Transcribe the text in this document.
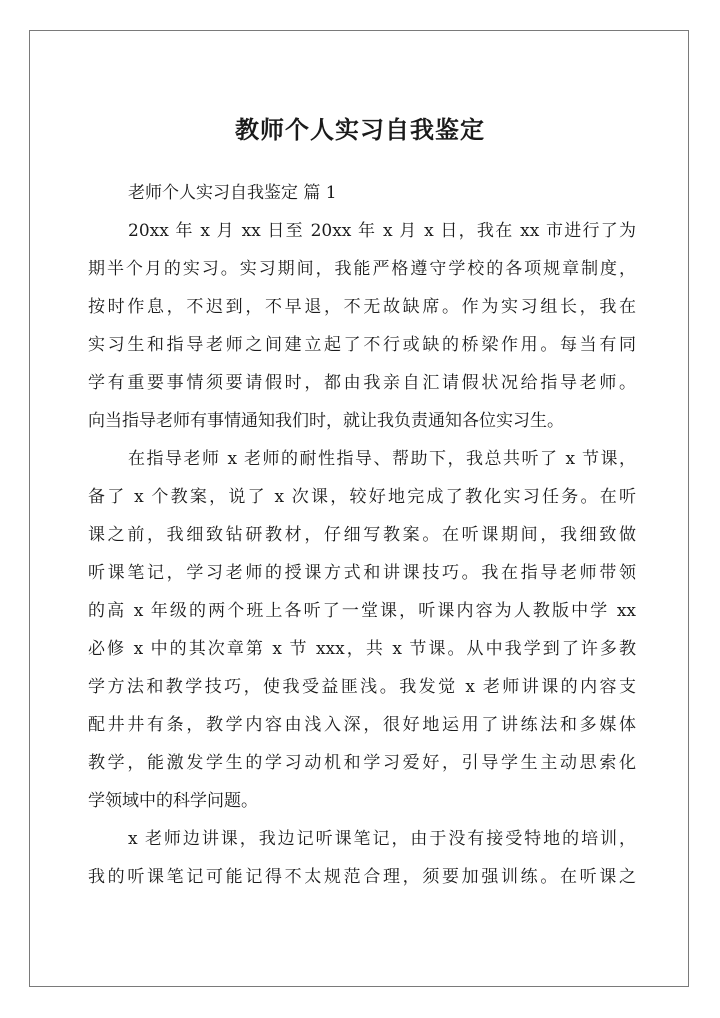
教师个人实习自我鉴定
老师个人实习自我鉴定 篇 1
20xx 年 x 月 xx 日至 20xx 年 x 月 x 日，我在 xx 市进行了为
期半个月的实习。实习期间，我能严格遵守学校的各项规章制度，
按时作息，不迟到，不早退，不无故缺席。作为实习组长，我在
实习生和指导老师之间建立起了不行或缺的桥梁作用。每当有同
学有重要事情须要请假时，都由我亲自汇请假状况给指导老师。
向当指导老师有事情通知我们时，就让我负责通知各位实习生。
在指导老师 x 老师的耐性指导、帮助下，我总共听了 x 节课，
备了 x 个教案，说了 x 次课，较好地完成了教化实习任务。在听
课之前，我细致钻研教材，仔细写教案。在听课期间，我细致做
听课笔记，学习老师的授课方式和讲课技巧。我在指导老师带领
的高 x 年级的两个班上各听了一堂课，听课内容为人教版中学 xx
必修 x 中的其次章第 x 节 xxx，共 x 节课。从中我学到了许多教
学方法和教学技巧，使我受益匪浅。我发觉 x 老师讲课的内容支
配井井有条，教学内容由浅入深，很好地运用了讲练法和多媒体
教学，能激发学生的学习动机和学习爱好，引导学生主动思索化
学领域中的科学问题。
x 老师边讲课，我边记听课笔记，由于没有接受特地的培训，
我的听课笔记可能记得不太规范合理，须要加强训练。在听课之
